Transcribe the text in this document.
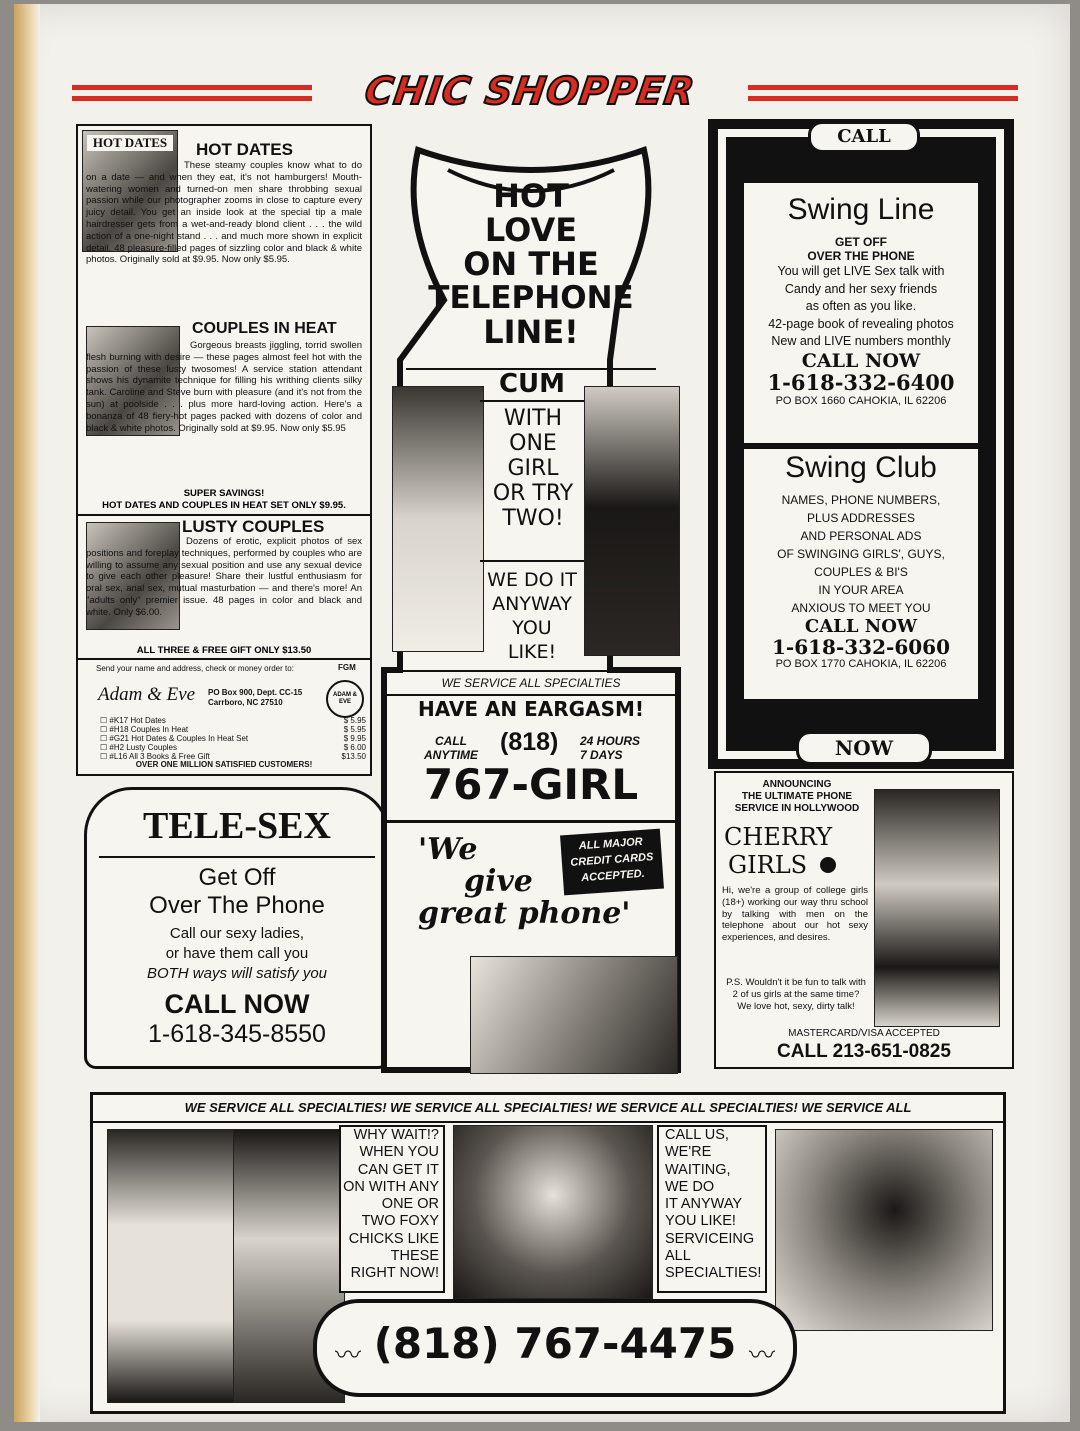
CHIC SHOPPER
HOT DATES	HOT DATES
These steamy couples know what to do on a date — and when they eat, it's not hamburgers! Mouth-watering women and turned-on men share throbbing sexual passion while our photographer zooms in close to capture every juicy detail. You get an inside look at the special tip a male hairdresser gets from a wet-and-ready blond client . . . the wild action of a one-night stand . . . and much more shown in explicit detail. 48 pleasure-filled pages of sizzling color and black & white photos. Originally sold at $9.95. Now only $5.95.
COUPLES IN HEAT
Gorgeous breasts jiggling, torrid swollen flesh burning with desire — these pages almost feel hot with the passion of these lusty twosomes! A service station attendant shows his dynamite technique for filling his writhing clients silky tank. Caroline and Steve burn with pleasure (and it's not from the sun) at poolside . . . plus more hard-loving action. Here's a bonanza of 48 fiery-hot pages packed with dozens of color and black & white photos. Originally sold at $9.95. Now only $5.95
SUPER SAVINGS!
HOT DATES AND COUPLES IN HEAT SET ONLY $9.95.
LUSTY COUPLES
Dozens of erotic, explicit photos of sex positions and foreplay techniques, performed by couples who are willing to assume any sexual position and use any sexual device to give each other pleasure! Share their lustful enthusiasm for oral sex, anal sex, mutual masturbation — and there's more! An "adults only" premier issue. 48 pages in color and black and white. Only $6.00.
ALL THREE & FREE GIFT ONLY $13.50
Send your name and address, check or money order to:	FGM
Adam & Eve PO Box 900, Dept. CC-15
Carrboro, NC 27510
ADAM & EVE
☐ #K17 Hot Dates	$ 5.95
☐ #H18 Couples In Heat	$ 5.95
☐ #G21 Hot Dates & Couples In Heat Set	$ 9.95
☐ #H2 Lusty Couples	$ 6.00
☐ #L16 All 3 Books & Free Gift	$13.50
OVER ONE MILLION SATISFIED CUSTOMERS!
TELE-SEX
Get Off
Over The Phone
Call our sexy ladies,
or have them call you
BOTH ways will satisfy you
CALL NOW
1-618-345-8550
HOT
LOVE
ON THE
TELEPHONE
LINE!
CUM
WITH
ONE
GIRL
OR TRY
TWO!
WE DO IT
ANYWAY
YOU
LIKE!
WE SERVICE ALL SPECIALTIES
HAVE AN EARGASM!
CALL
ANYTIME (818) 24 HOURS
7 DAYS
767-GIRL
'We
give
great phone'
ALL MAJOR
CREDIT CARDS
ACCEPTED.
CALL
Swing Line
GET OFF
OVER THE PHONE
You will get LIVE Sex talk with
Candy and her sexy friends
as often as you like.
42-page book of revealing photos
New and LIVE numbers monthly
CALL NOW
1-618-332-6400
PO BOX 1660 CAHOKIA, IL 62206
Swing Club
NAMES, PHONE NUMBERS,
PLUS ADDRESSES
AND PERSONAL ADS
OF SWINGING GIRLS', GUYS,
COUPLES & BI'S
IN YOUR AREA
ANXIOUS TO MEET YOU
CALL NOW
1-618-332-6060
PO BOX 1770 CAHOKIA, IL 62206
NOW
ANNOUNCING
THE ULTIMATE PHONE
SERVICE IN HOLLYWOOD
CHERRY
GIRLS
Hi, we're a group of college girls (18+) working our way thru school by talking with men on the telephone about our hot sexy experiences, and desires.
P.S. Wouldn't it be fun to talk with 2 of us girls at the same time? We love hot, sexy, dirty talk!
MASTERCARD/VISA ACCEPTED
CALL 213-651-0825
WE SERVICE ALL SPECIALTIES! WE SERVICE ALL SPECIALTIES! WE SERVICE ALL SPECIALTIES! WE SERVICE ALL
WHY WAIT!?
WHEN YOU
CAN GET IT
ON WITH ANY
ONE OR
TWO FOXY
CHICKS LIKE
THESE
RIGHT NOW!
CALL US,
WE'RE
WAITING,
WE DO
IT ANYWAY
YOU LIKE!
SERVICEING
ALL
SPECIALTIES!
〰 (818) 767-4475 〰
